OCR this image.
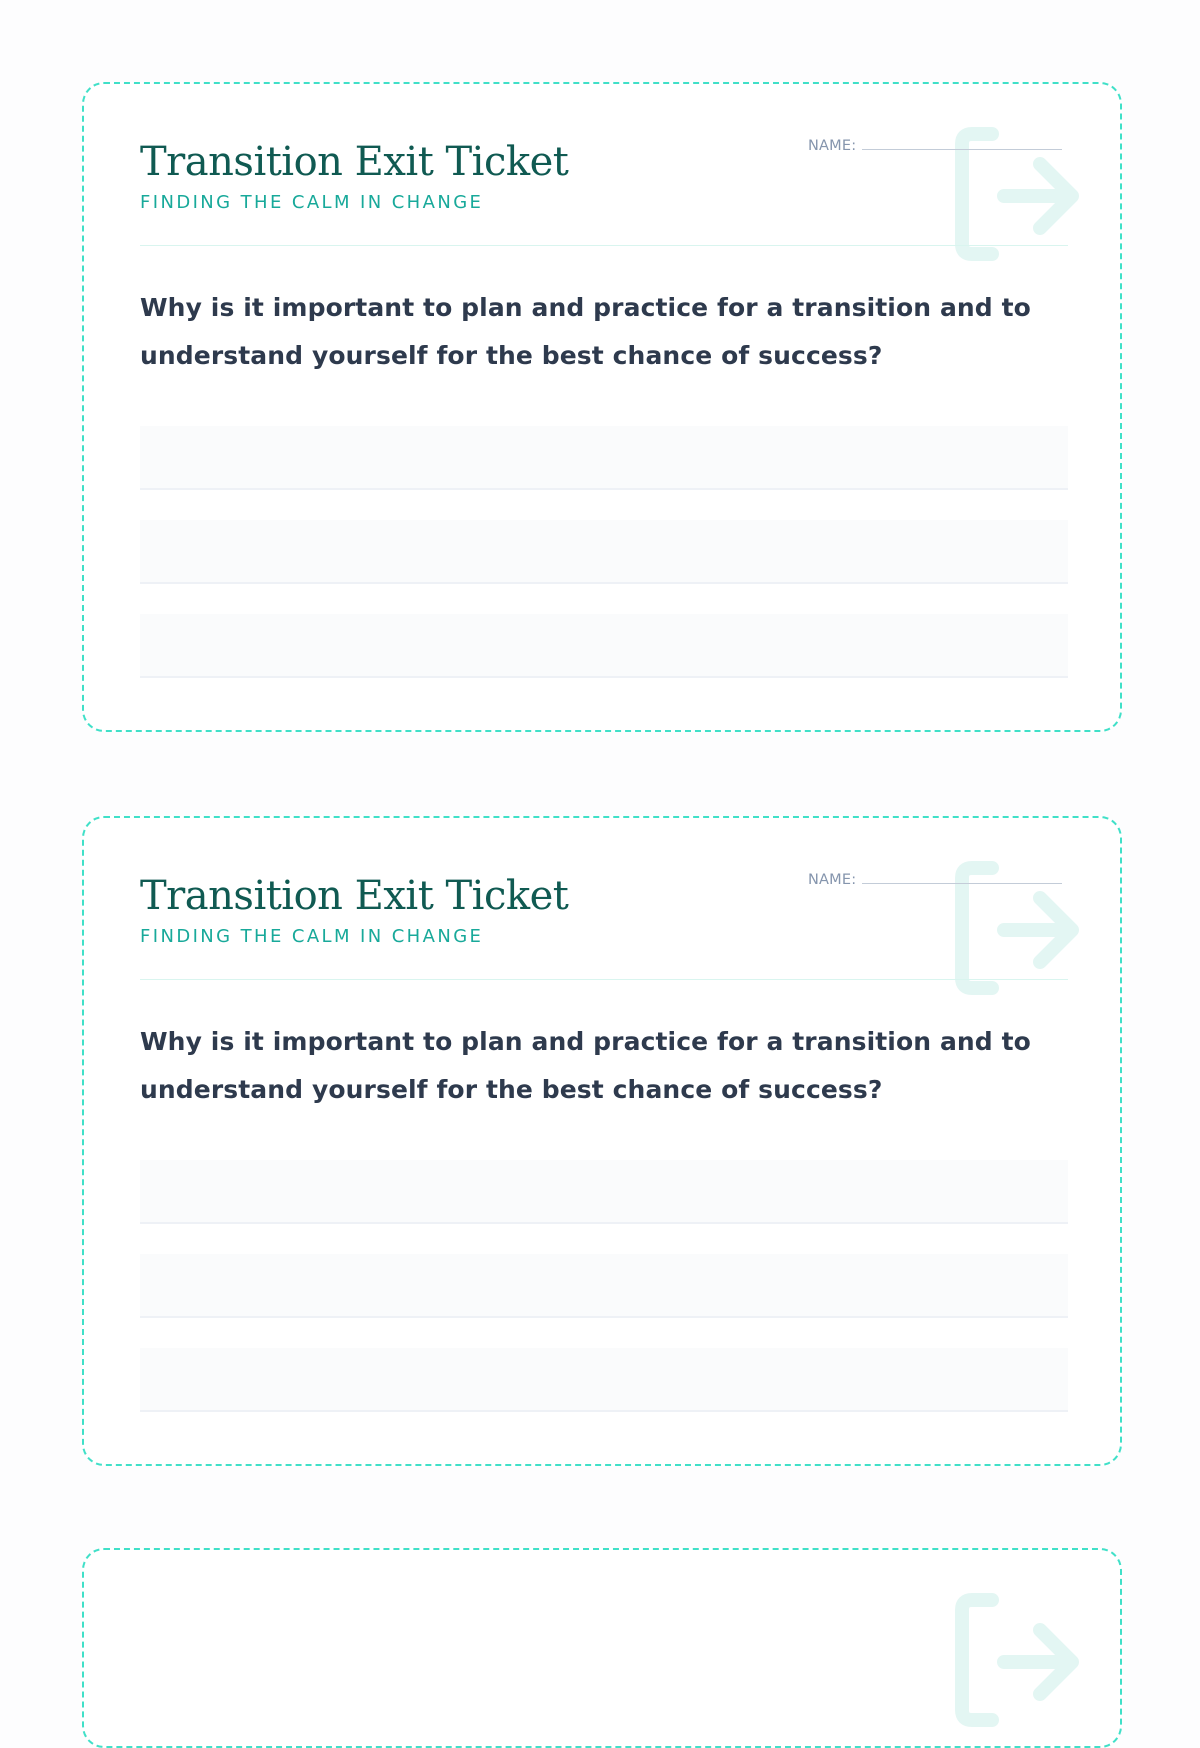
NAME:
Transition Exit Ticket
FINDING THE CALM IN CHANGE

Why is it important to plan and practice for a transition and to understand yourself for the best chance of success?

NAME:
Transition Exit Ticket
FINDING THE CALM IN CHANGE

Why is it important to plan and practice for a transition and to understand yourself for the best chance of success?
